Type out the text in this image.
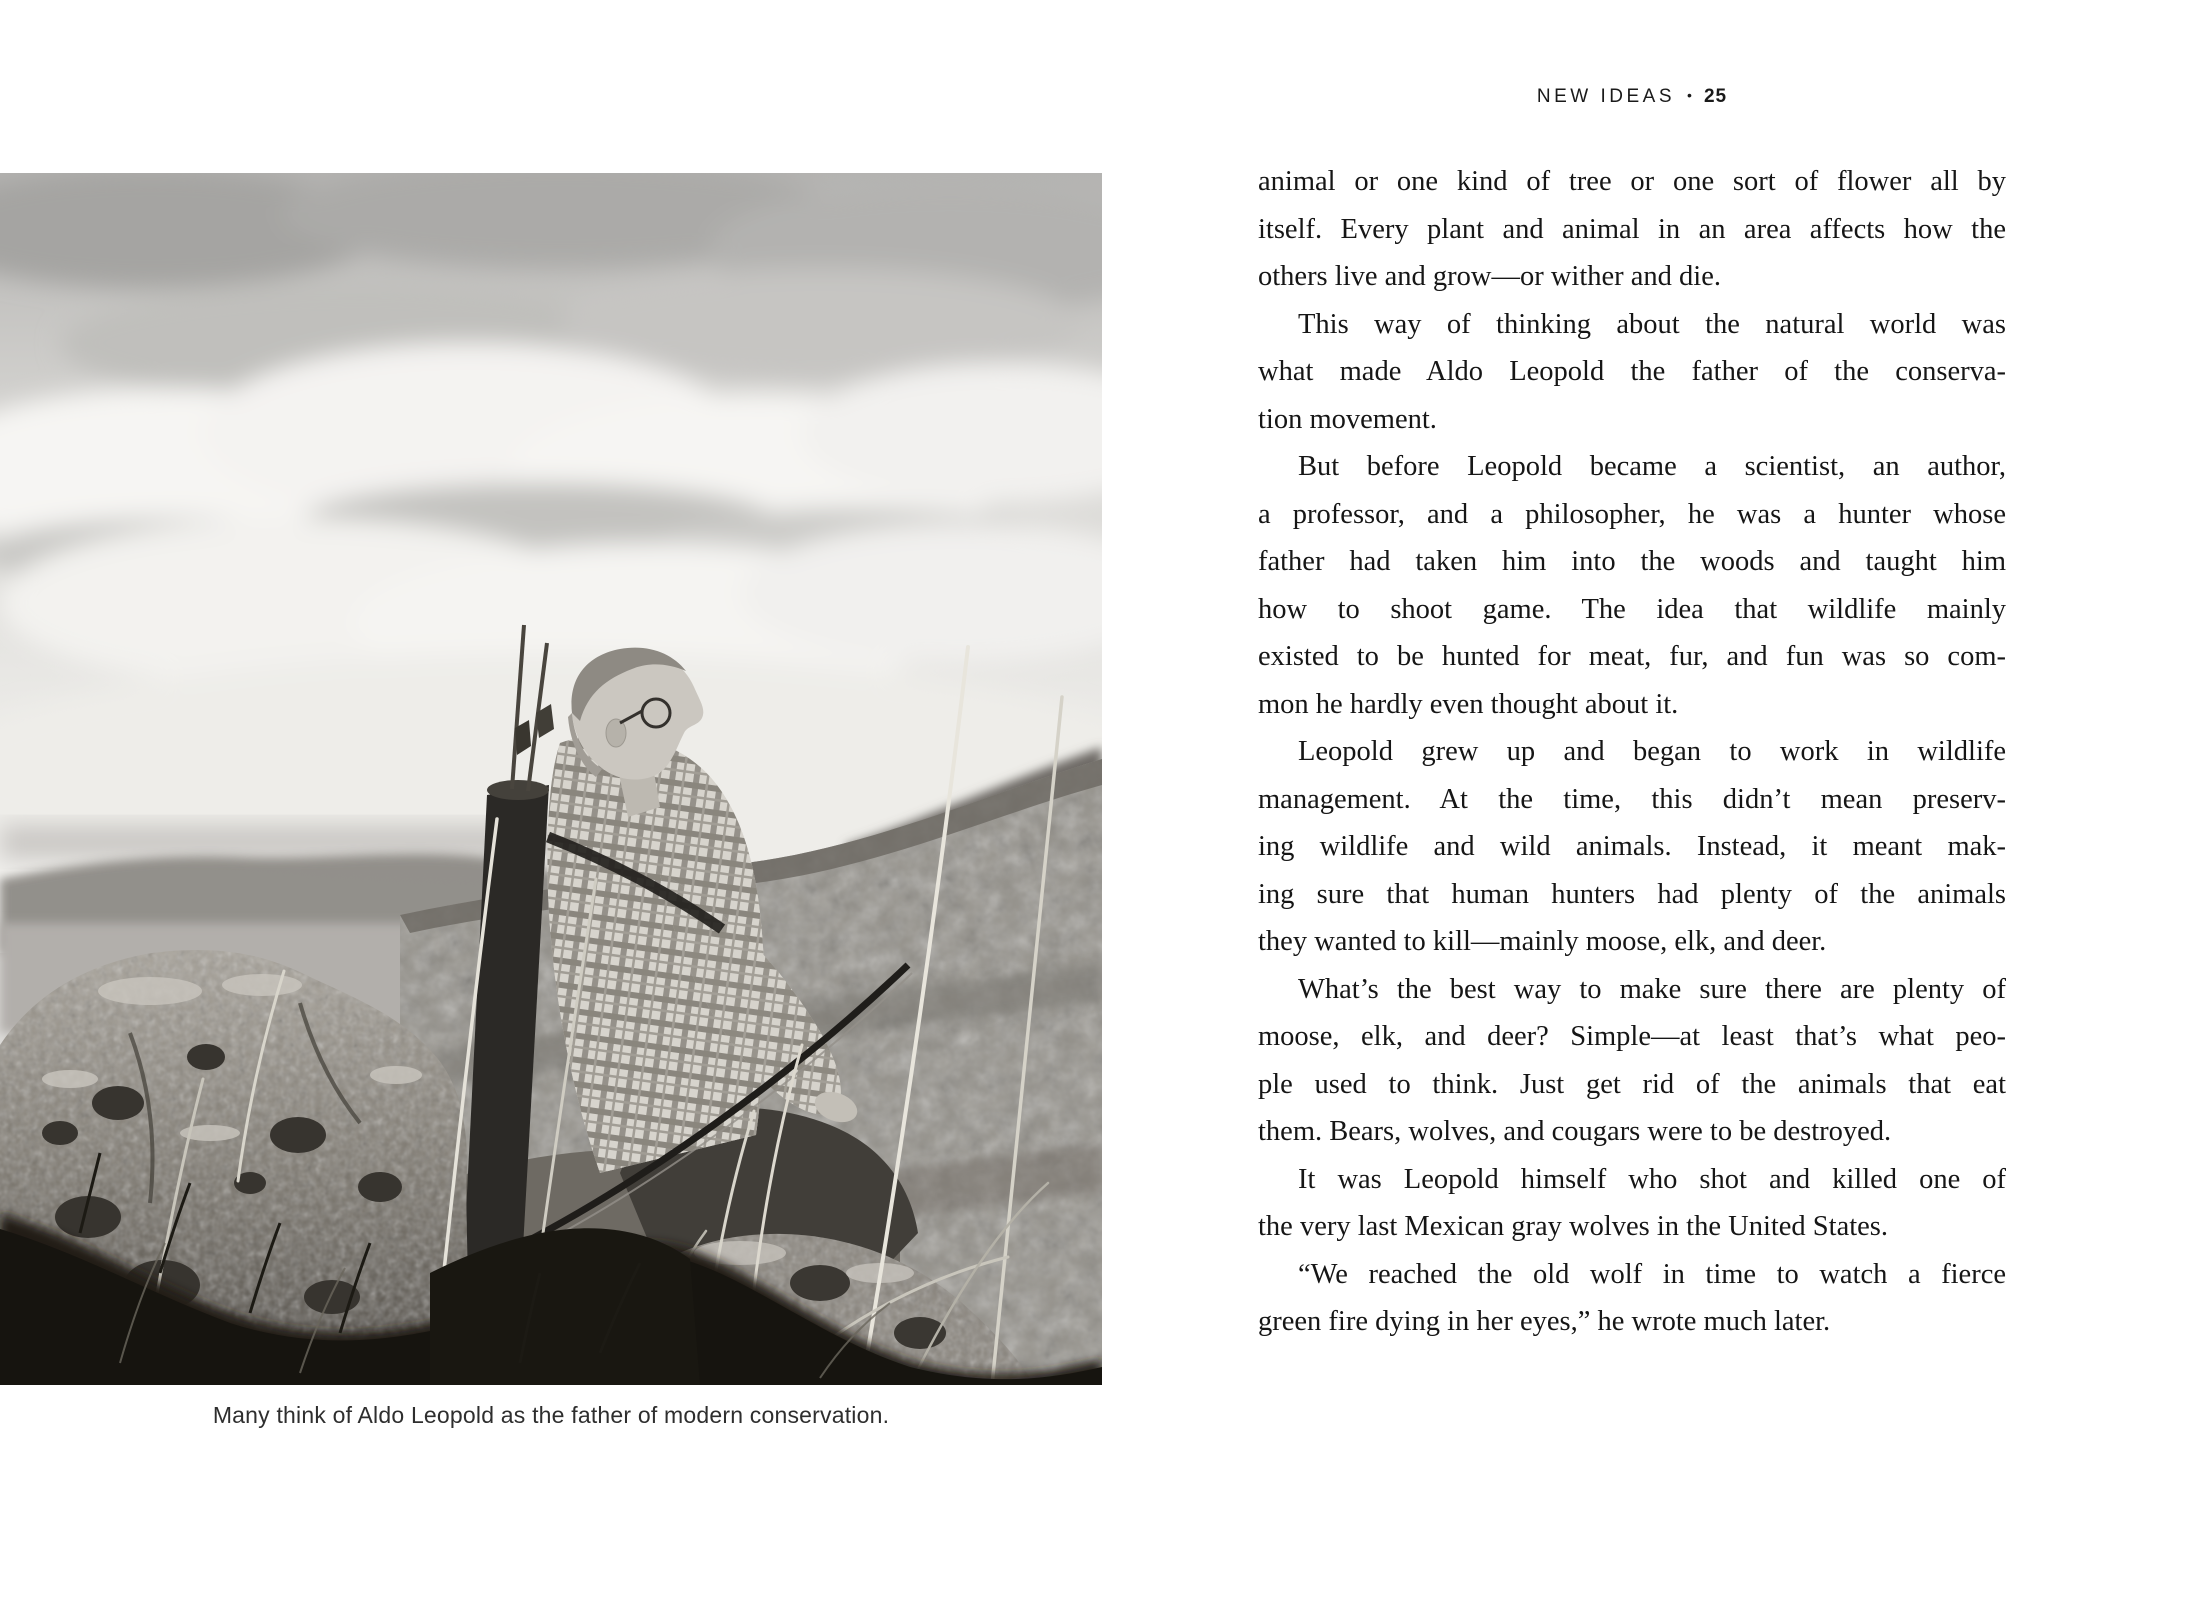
NEW IDEAS • 25
Many think of Aldo Leopold as the father of modern conservation.
animal or one kind of tree or one sort of flower all by
itself. Every plant and animal in an area affects how the
others live and grow—or wither and die.
This way of thinking about the natural world was
what made Aldo Leopold the father of the conserva-
tion movement.
But before Leopold became a scientist, an author,
a professor, and a philosopher, he was a hunter whose
father had taken him into the woods and taught him
how to shoot game. The idea that wildlife mainly
existed to be hunted for meat, fur, and fun was so com-
mon he hardly even thought about it.
Leopold grew up and began to work in wildlife
management. At the time, this didn’t mean preserv-
ing wildlife and wild animals. Instead, it meant mak-
ing sure that human hunters had plenty of the animals
they wanted to kill—mainly moose, elk, and deer.
What’s the best way to make sure there are plenty of
moose, elk, and deer? Simple—at least that’s what peo-
ple used to think. Just get rid of the animals that eat
them. Bears, wolves, and cougars were to be destroyed.
It was Leopold himself who shot and killed one of
the very last Mexican gray wolves in the United States.
“We reached the old wolf in time to watch a fierce
green fire dying in her eyes,” he wrote much later.
